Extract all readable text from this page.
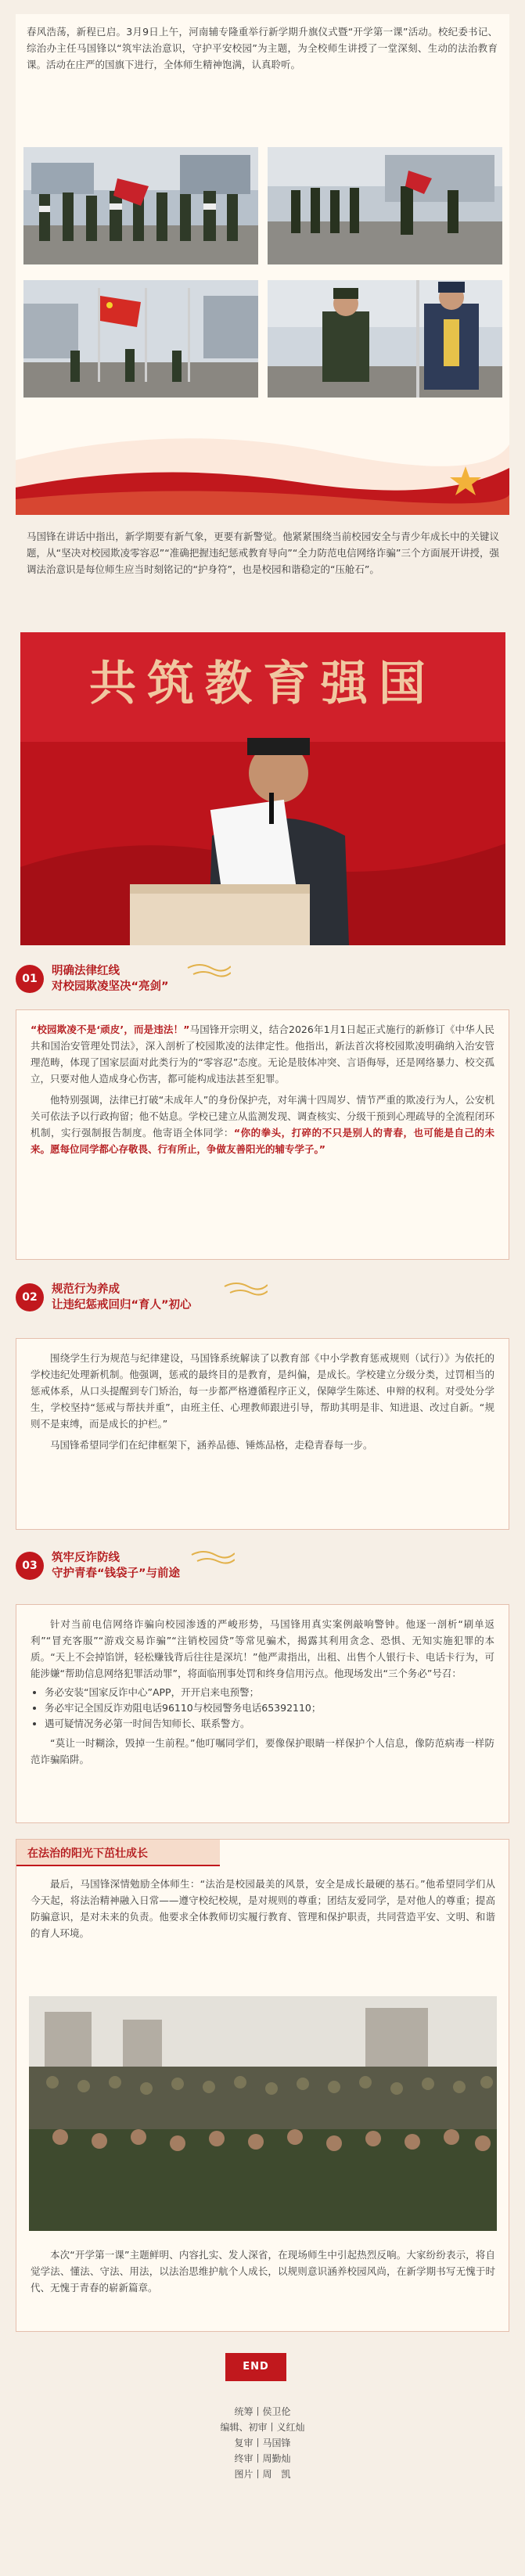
春风浩荡，新程已启。3月9日上午，河南辅专隆重举行新学期升旗仪式暨“开学第一课”活动。校纪委书记、综治办主任马国锋以“筑牢法治意识，守护平安校园”为主题，为全校师生讲授了一堂深刻、生动的法治教育课。活动在庄严的国旗下进行，全体师生精神饱满，认真聆听。

马国锋在讲话中指出，新学期要有新气象，更要有新警觉。他紧紧围绕当前校园安全与青少年成长中的关键议题，从“坚决对校园欺凌零容忍”“准确把握违纪惩戒教育导向”“全力防范电信网络诈骗”三个方面展开讲授，强调法治意识是每位师生应当时刻铭记的“护身符”，也是校园和谐稳定的“压舱石”。

共筑教育强国
01
明确法律红线
对校园欺凌坚决“亮剑”

“校园欺凌不是‘顽皮’，而是违法！”马国锋开宗明义，结合2026年1月1日起正式施行的新修订《中华人民共和国治安管理处罚法》，深入剖析了校园欺凌的法律定性。他指出，新法首次将校园欺凌明确纳入治安管理范畴，体现了国家层面对此类行为的“零容忍”态度。无论是肢体冲突、言语侮辱，还是网络暴力、校交孤立，只要对他人造成身心伤害，都可能构成违法甚至犯罪。

他特别强调，法律已打破“未成年人”的身份保护壳，对年满十四周岁、情节严重的欺凌行为人，公安机关可依法予以行政拘留；他不姑息。学校已建立从监测发现、调查核实、分级干预到心理疏导的全流程闭环机制，实行强制报告制度。他寄语全体同学：“你的拳头，打碎的不只是别人的青春，也可能是自己的未来。愿每位同学都心存敬畏、行有所止，争做友善阳光的辅专学子。”

02
规范行为养成
让违纪惩戒回归“育人”初心

围绕学生行为规范与纪律建设，马国锋系统解读了以教育部《中小学教育惩戒规则（试行）》为依托的学校违纪处理新机制。他强调，惩戒的最终目的是教育，是纠偏，是成长。学校建立分级分类，过罚相当的惩戒体系，从口头提醒到专门矫治，每一步都严格遵循程序正义，保障学生陈述、申辩的权利。对受处分学生，学校坚持“惩戒与帮扶并重”，由班主任、心理教师跟进引导，帮助其明是非、知进退、改过自新。“规则不是束缚，而是成长的护栏。”

马国锋希望同学们在纪律框架下，涵养品德、锤炼品格，走稳青春每一步。

03
筑牢反诈防线
守护青春“钱袋子”与前途

针对当前电信网络诈骗向校园渗透的严峻形势，马国锋用真实案例敲响警钟。他逐一剖析“刷单返利”“冒充客服”“游戏交易诈骗”“注销校园贷”等常见骗术，揭露其利用贪念、恐惧、无知实施犯罪的本质。“天上不会掉馅饼，轻松赚钱背后往往是深坑！”他严肃指出，出租、出售个人银行卡、电话卡行为，可能涉嫌“帮助信息网络犯罪活动罪”，将面临刑事处罚和终身信用污点。他现场发出“三个务必”号召：

• 务必安装“国家反诈中心”APP，开开启来电预警；
• 务必牢记全国反诈劝阻电话96110与校园警务电话65392110；
• 遇可疑情况务必第一时间告知师长、联系警方。

“莫让一时糊涂，毁掉一生前程。”他叮嘱同学们，要像保护眼睛一样保护个人信息，像防范病毒一样防范诈骗陷阱。

在法治的阳光下茁壮成长

最后，马国锋深情勉励全体师生：“法治是校园最美的风景，安全是成长最硬的基石。”他希望同学们从今天起，将法治精神融入日常——遵守校纪校规，是对规则的尊重；团结友爱同学，是对他人的尊重；提高防骗意识，是对未来的负责。他要求全体教师切实履行教育、管理和保护职责，共同营造平安、文明、和谐的育人环境。

本次“开学第一课”主题鲜明、内容扎实、发人深省，在现场师生中引起热烈反响。大家纷纷表示，将自觉学法、懂法、守法、用法，以法治思维护航个人成长，以规则意识涵养校园风尚，在新学期书写无愧于时代、无愧于青春的崭新篇章。

END
统筹丨侯卫伦
编辑、初审丨义红灿
复审丨马国锋
终审丨周勤灿
图片丨周　凯
